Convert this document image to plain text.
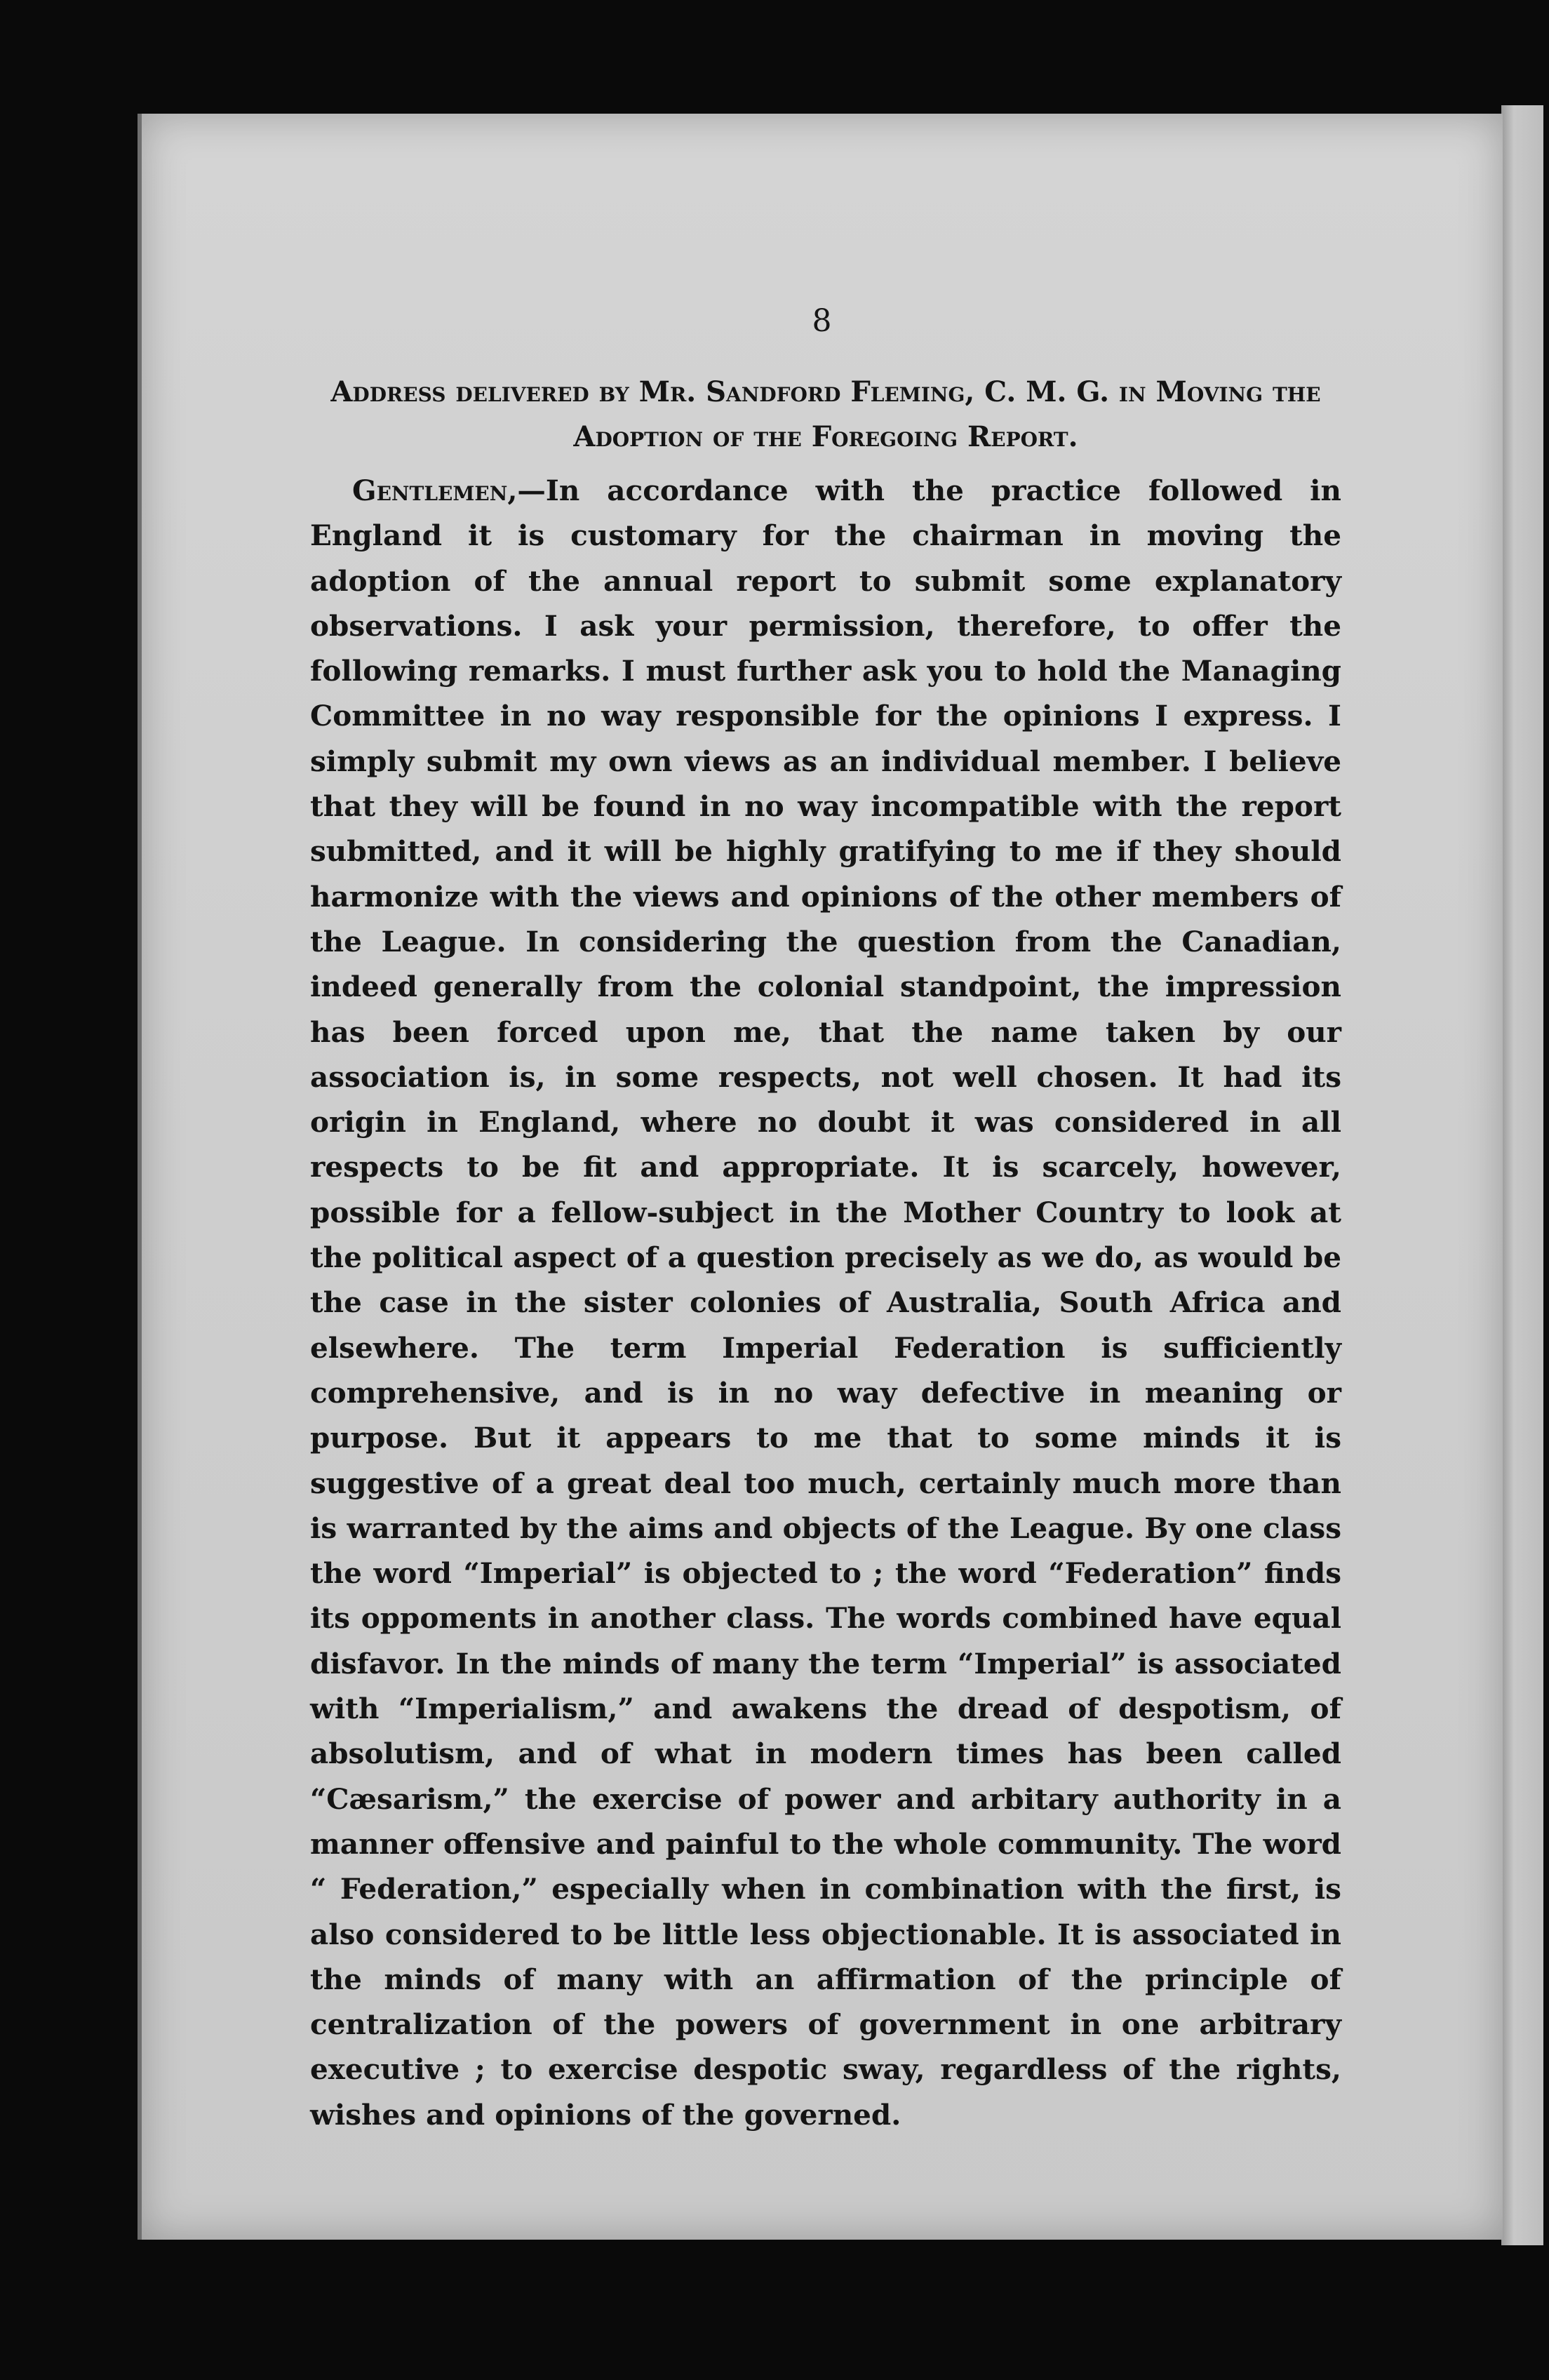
8
Address delivered by Mr. Sandford Fleming, C. M. G. in Moving the Adoption of the Foregoing Report.

Gentlemen,—In accordance with the practice followed in England it is customary for the chairman in moving the adoption of the annual report to submit some explanatory observations. I ask your permission, therefore, to offer the following remarks. I must further ask you to hold the Managing Committee in no way responsible for the opinions I express. I simply submit my own views as an individual member. I believe that they will be found in no way incompatible with the report submitted, and it will be highly gratifying to me if they should harmonize with the views and opinions of the other members of the League. In considering the question from the Canadian, indeed generally from the colonial standpoint, the impression has been forced upon me, that the name taken by our association is, in some respects, not well chosen. It had its origin in England, where no doubt it was considered in all respects to be fit and appropriate. It is scarcely, however, possible for a fellow-subject in the Mother Country to look at the political aspect of a question precisely as we do, as would be the case in the sister colonies of Australia, South Africa and elsewhere. The term Imperial Federation is sufficiently comprehensive, and is in no way defective in meaning or purpose. But it appears to me that to some minds it is suggestive of a great deal too much, certainly much more than is warranted by the aims and objects of the League. By one class the word “Imperial” is objected to ; the word “Federation” finds its oppoments in another class. The words combined have equal disfavor. In the minds of many the term “Imperial” is associated with “Imperialism,” and awakens the dread of despotism, of absolutism, and of what in modern times has been called “Cæsarism,” the exercise of power and arbitary authority in a manner offensive and painful to the whole community. The word “ Federation,” especially when in combination with the first, is also considered to be little less objectionable. It is associated in the minds of many with an affirmation of the principle of centralization of the powers of government in one arbitrary executive ; to exercise despotic sway, regardless of the rights, wishes and opinions of the governed.
